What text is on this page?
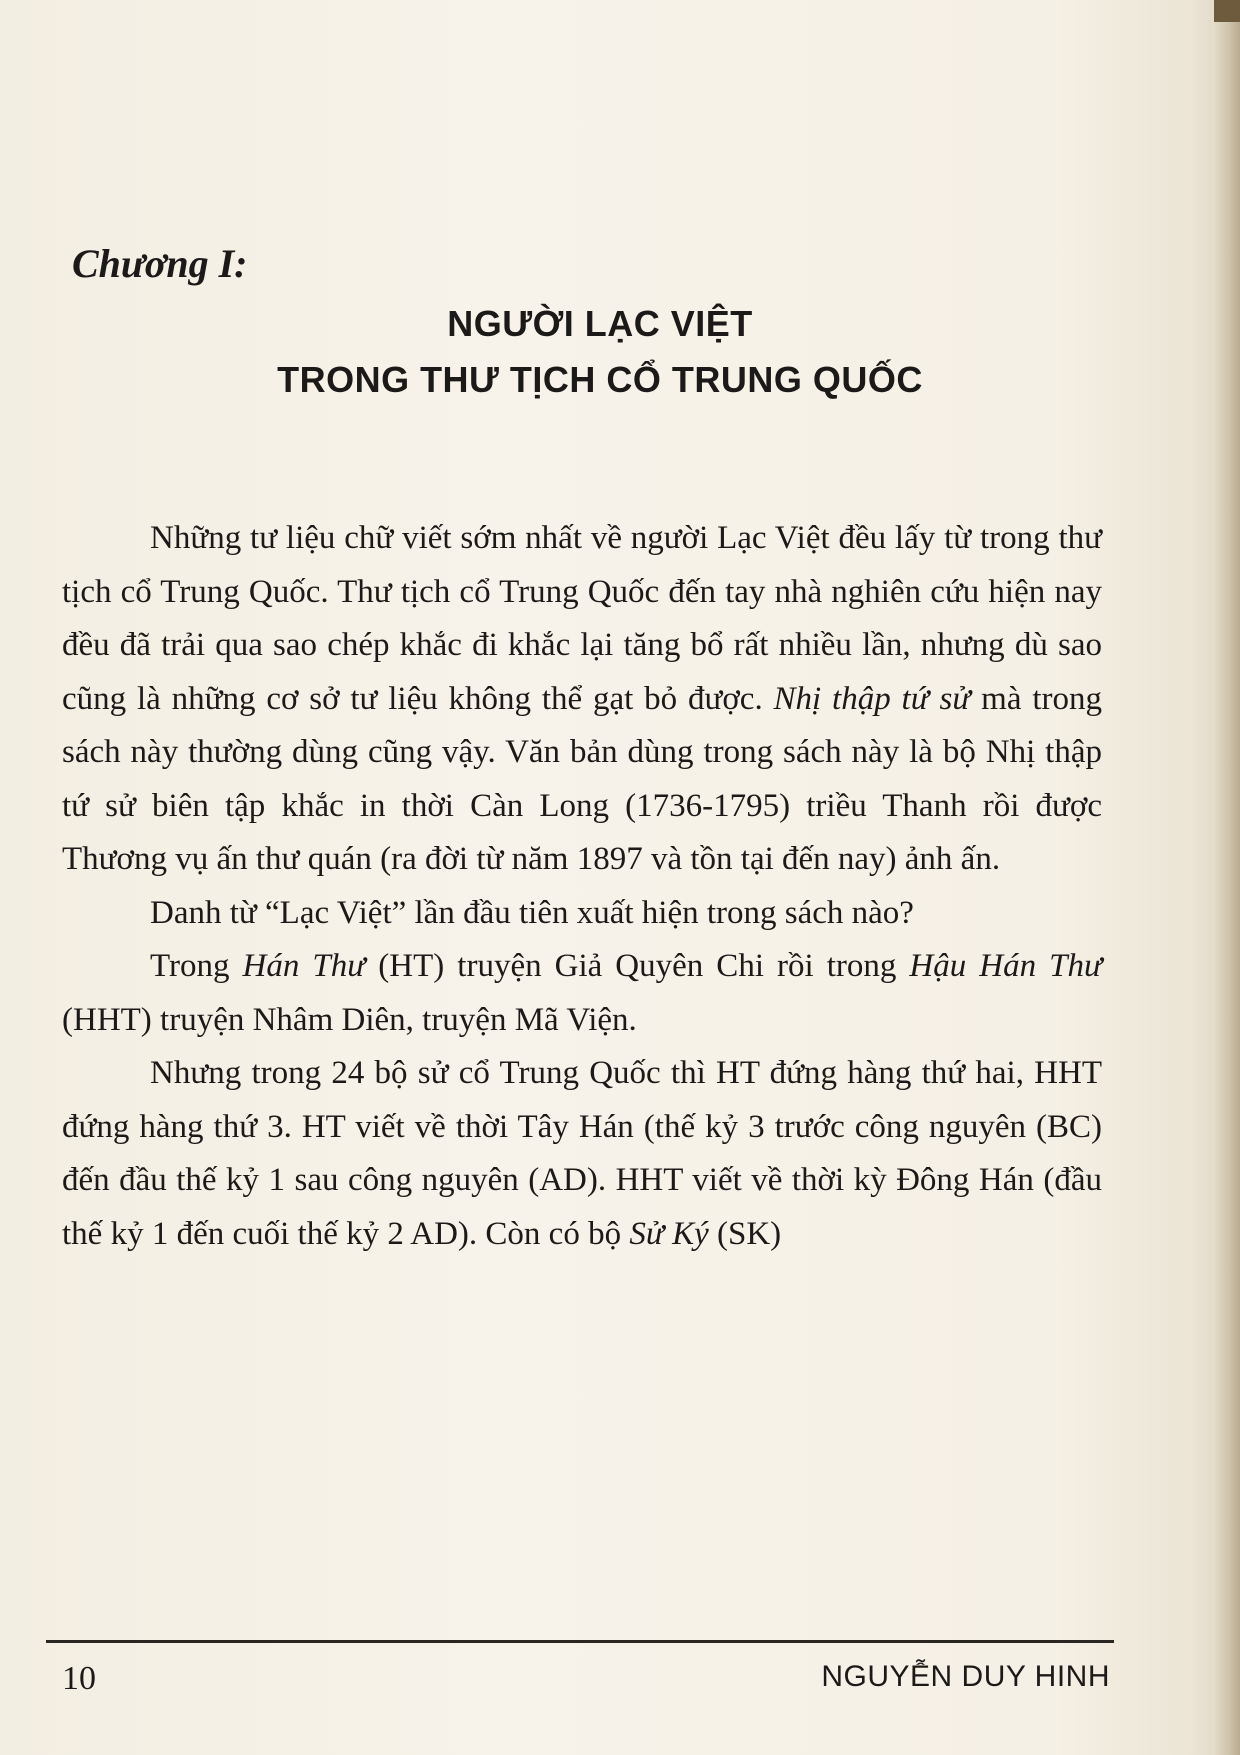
Chương I:
NGƯỜI LẠC VIỆT
TRONG THƯ TỊCH CỔ TRUNG QUỐC

Những tư liệu chữ viết sớm nhất về người Lạc Việt đều lấy từ trong thư tịch cổ Trung Quốc. Thư tịch cổ Trung Quốc đến tay nhà nghiên cứu hiện nay đều đã trải qua sao chép khắc đi khắc lại tăng bổ rất nhiều lần, nhưng dù sao cũng là những cơ sở tư liệu không thể gạt bỏ được. Nhị thập tứ sử mà trong sách này thường dùng cũng vậy. Văn bản dùng trong sách này là bộ Nhị thập tứ sử biên tập khắc in thời Càn Long (1736-1795) triều Thanh rồi được Thương vụ ấn thư quán (ra đời từ năm 1897 và tồn tại đến nay) ảnh ấn.

Danh từ “Lạc Việt” lần đầu tiên xuất hiện trong sách nào?

Trong Hán Thư (HT) truyện Giả Quyên Chi rồi trong Hậu Hán Thư (HHT) truyện Nhâm Diên, truyện Mã Viện.

Nhưng trong 24 bộ sử cổ Trung Quốc thì HT đứng hàng thứ hai, HHT đứng hàng thứ 3. HT viết về thời Tây Hán (thế kỷ 3 trước công nguyên (BC) đến đầu thế kỷ 1 sau công nguyên (AD). HHT viết về thời kỳ Đông Hán (đầu thế kỷ 1 đến cuối thế kỷ 2 AD). Còn có bộ Sử Ký (SK)

10	NGUYỄN DUY HINH
